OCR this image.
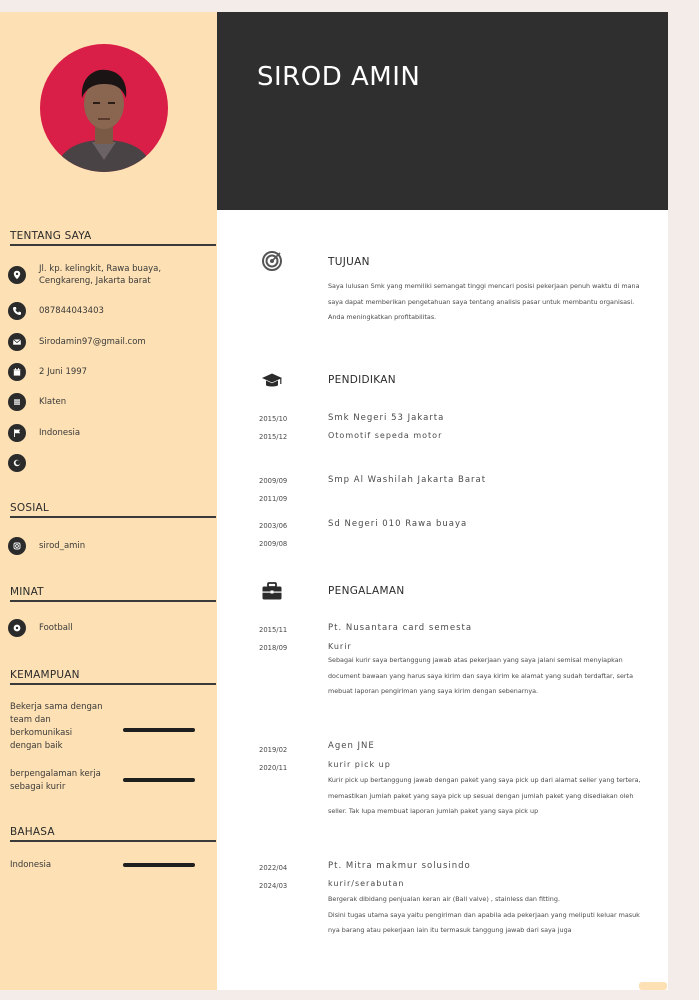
TENTANG SAYA
Jl. kp. kelingkit, Rawa buaya,
Cengkareng, Jakarta barat
087844043403
Sirodamin97@gmail.com
2 Juni 1997
Klaten
Indonesia
SOSIAL
sirod_amin
MINAT
Football
KEMAMPUAN
Bekerja sama dengan
team dan
berkomunikasi
dengan baik
berpengalaman kerja
sebagai kurir
BAHASA
Indonesia
SIROD AMIN
TUJUAN
Saya lulusan Smk yang memiliki semangat tinggi mencari posisi pekerjaan penuh waktu di mana saya dapat memberikan pengetahuan saya tentang analisis pasar untuk membantu organisasi. Anda meningkatkan profitabilitas.
PENDIDIKAN
2015/10
2015/12
Smk Negeri 53 Jakarta
Otomotif sepeda motor
2009/09
2011/09
Smp Al Washilah Jakarta Barat
2003/06
2009/08
Sd Negeri 010 Rawa buaya
PENGALAMAN
2015/11
2018/09
Pt. Nusantara card semesta
Kurir
Sebagai kurir saya bertanggung jawab atas pekerjaan yang saya jalani semisal menyiapkan document bawaan yang harus saya kirim dan saya kirim ke alamat yang sudah terdaftar, serta mebuat laporan pengiriman yang saya kirim dengan sebenarnya.
2019/02
2020/11
Agen JNE
kurir pick up
Kurir pick up bertanggung jawab dengan paket yang saya pick up dari alamat seller yang tertera, memastikan jumlah paket yang saya pick up sesuai dengan jumlah paket yang disediakan oleh seller. Tak lupa membuat laporan jumlah paket yang saya pick up
2022/04
2024/03
Pt. Mitra makmur solusindo
kurir/serabutan
Bergerak dibidang penjualan keran air (Ball valve) , stainless dan fitting.
Disini tugas utama saya yaitu pengiriman dan apabila ada pekerjaan yang meliputi keluar masuk nya barang atau pekerjaan lain itu termasuk tanggung jawab dari saya juga
